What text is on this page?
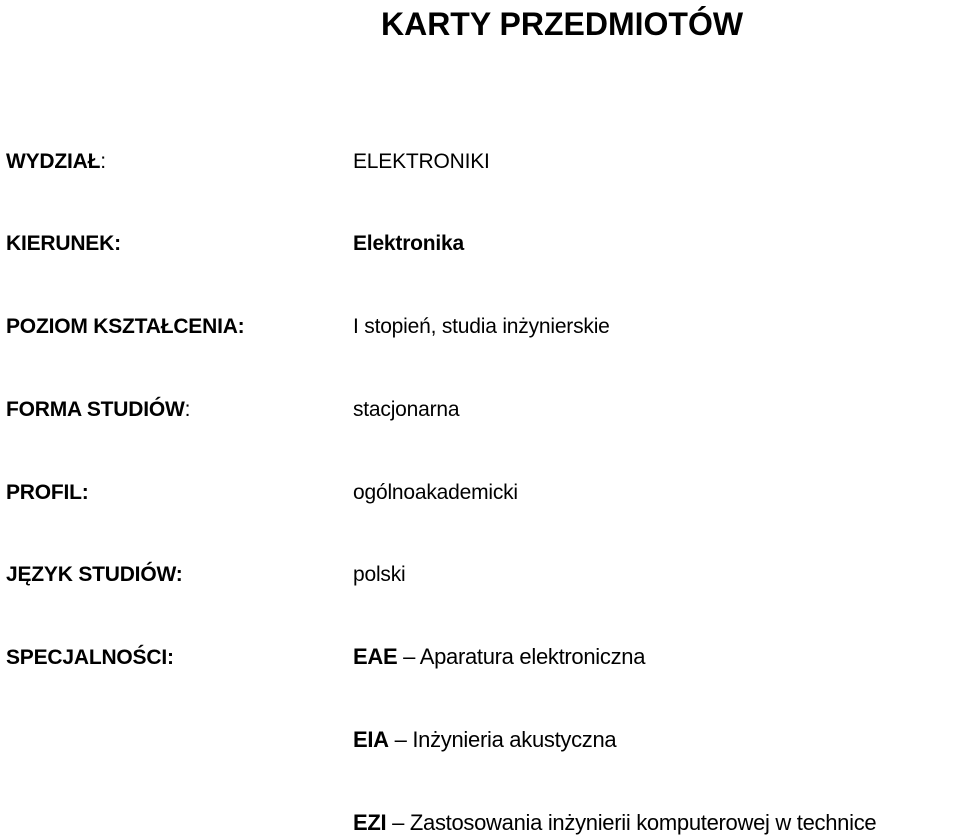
KARTY PRZEDMIOTÓW
WYDZIAŁ:	ELEKTRONIKI
KIERUNEK:	Elektronika
POZIOM KSZTAŁCENIA:	I stopień, studia inżynierskie
FORMA STUDIÓW:	stacjonarna
PROFIL:	ogólnoakademicki
JĘZYK STUDIÓW:	polski
SPECJALNOŚCI:	EAE – Aparatura elektroniczna
EIA – Inżynieria akustyczna
EZI – Zastosowania inżynierii komputerowej w technice
